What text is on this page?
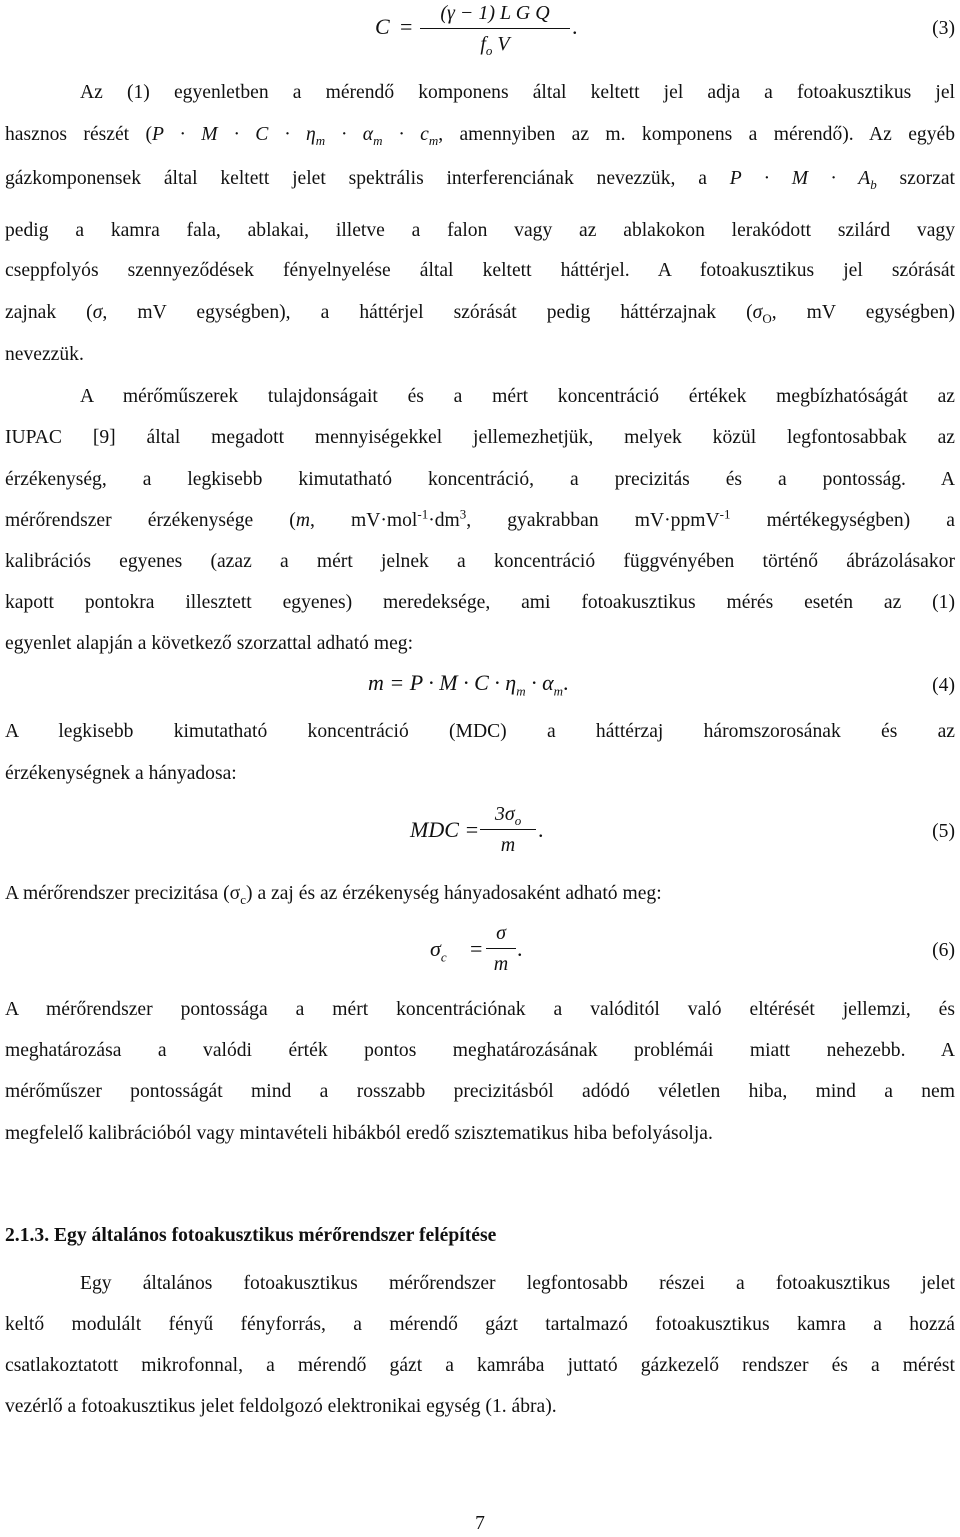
C =
(γ − 1) L G Q
$f_o$ V
.	(3)
Az (1) egyenletben a mérendő komponens által keltett jel adja a fotoakusztikus jel
hasznos részét ($P \cdot M \cdot C \cdot \eta_m \cdot \alpha_m \cdot c_m$, amennyiben az m. komponens a mérendő). Az egyéb
gázkomponensek által keltett jelet spektrális interferenciának nevezzük, a $P \cdot M \cdot A_b$ szorzat
pedig a kamra fala, ablakai, illetve a falon vagy az ablakokon lerakódott szilárd vagy
cseppfolyós szennyeződések fényelnyelése által keltett háttérjel. A fotoakusztikus jel szórását
zajnak (σ, mV egységben), a háttérjel szórását pedig háttérzajnak ($\sigma_O$, mV egységben)
nevezzük.
A mérőműszerek tulajdonságait és a mért koncentráció értékek megbízhatóságát az
IUPAC [9] által megadott mennyiségekkel jellemezhetjük, melyek közül legfontosabbak az
érzékenység, a legkisebb kimutatható koncentráció, a precizitás és a pontosság. A
mérőrendszer érzékenysége (m, $mV\cdot mol^{-1}\cdot dm^3$, gyakrabban mV·ppmV$^{-1}$ mértékegységben) a
kalibrációs egyenes (azaz a mért jelnek a koncentráció függvényében történő ábrázolásakor
kapott pontokra illesztett egyenes) meredeksége, ami fotoakusztikus mérés esetén az (1)
egyenlet alapján a következő szorzattal adható meg:
$m = P \cdot M \cdot C \cdot \eta_m \cdot \alpha_m$.	(4)
A legkisebb kimutatható koncentráció (MDC) a háttérzaj háromszorosának és az
érzékenységnek a hányadosa:
MDC =
$3\sigma_o$
m
.	(5)
A mérőrendszer precizitása $(\sigma_c)$ a zaj és az érzékenység hányadosaként adható meg:
$\sigma_c$ =
σ
m
.	(6)
A mérőrendszer pontossága a mért koncentrációnak a valóditól való eltérését jellemzi, és
meghatározása a valódi érték pontos meghatározásának problémái miatt nehezebb. A
mérőműszer pontosságát mind a rosszabb precizitásból adódó véletlen hiba, mind a nem
megfelelő kalibrációból vagy mintavételi hibákból eredő szisztematikus hiba befolyásolja.
2.1.3. Egy általános fotoakusztikus mérőrendszer felépítése
Egy általános fotoakusztikus mérőrendszer legfontosabb részei a fotoakusztikus jelet
keltő modulált fényű fényforrás, a mérendő gázt tartalmazó fotoakusztikus kamra a hozzá
csatlakoztatott mikrofonnal, a mérendő gázt a kamrába juttató gázkezelő rendszer és a mérést
vezérlő a fotoakusztikus jelet feldolgozó elektronikai egység (1. ábra).
7
